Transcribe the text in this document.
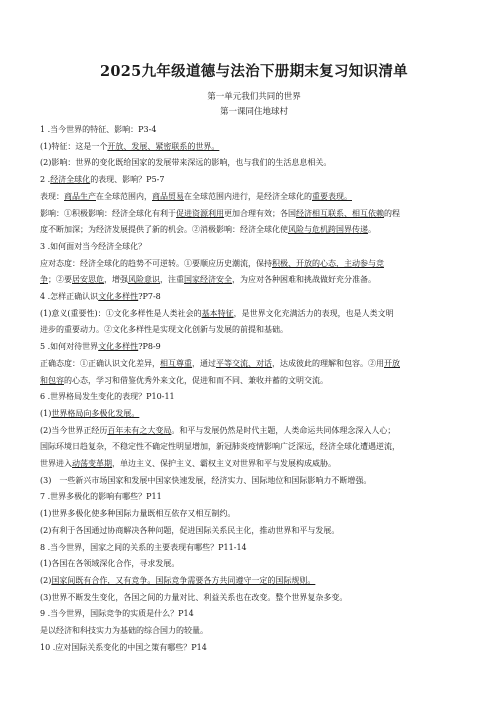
2025九年级道德与法治下册期末复习知识清单
第一单元我们共同的世界
第一课同住地球村

1 .当今世界的特征、影响：P3-4

(1)特征：这是一个开放、发展、紧密联系的世界。

(2)影响：世界的变化既给国家的发展带来深远的影响，也与我们的生活息息相关。

2 .经济全球化的表现、影响？P5-7

表现：商品生产在全球范围内，商品贸易在全球范围内进行，是经济全球化的重要表现。

影响：①积极影响：经济全球化有利于促进资源利用更加合理有效；各国经济相互联系、相互依赖的程

度不断加深；为经济发展提供了新的机会。②消极影响：经济全球化使风险与危机跨国界传递。

3 .如何面对当今经济全球化？

应对态度：经济全球化的趋势不可逆转。①要顺应历史潮流，保持积极、开放的心态，主动参与竞

争；②要居安思危，增强风险意识，注重国家经济安全，为应对各种困难和挑战做好充分准备。

4 .怎样正确认识文化多样性?P7-8

(1)意义(重要性)：①文化多样性是人类社会的基本特征，是世界文化充满活力的表现，也是人类文明

进步的重要动力。②文化多样性是实现文化创新与发展的前提和基础。

5 .如何对待世界文化多样性?P8-9

正确态度：①正确认识文化差异，相互尊重，通过平等交流、对话，达成彼此的理解和包容。②用开放

和包容的心态，学习和借鉴优秀外来文化，促进和而不同、兼收并蓄的文明交流。

6 .世界格局发生变化的表现？P10-11

(1)世界格局向多极化发展。

(2)当今世界正经历百年未有之大变局。和平与发展仍然是时代主题，人类命运共同体理念深入人心；

国际环境日趋复杂，不稳定性不确定性明显增加，新冠肺炎疫情影响广泛深远，经济全球化遭遇逆流，

世界进入动荡变革期，单边主义、保护主义、霸权主义对世界和平与发展构成威胁。

(3)　一些新兴市场国家和发展中国家快速发展，经济实力、国际地位和国际影响力不断增强。

7 .世界多极化的影响有哪些？P11

(1)世界多极化使多种国际力量既相互依存又相互制约。

(2)有利于各国通过协商解决各种问题，促进国际关系民主化，推动世界和平与发展。

8 .当今世界，国家之间的关系的主要表现有哪些？P11-14

(1)各国在各领域深化合作，寻求发展。

(2)国家间既有合作，又有竞争。国际竞争需要各方共同遵守一定的国际规则。

(3)世界不断发生变化，各国之间的力量对比、利益关系也在改变。整个世界复杂多变。

9 .当今世界，国际竞争的实质是什么？P14

是以经济和科技实力为基础的综合国力的较量。

10 .应对国际关系变化的中国之策有哪些？P14
